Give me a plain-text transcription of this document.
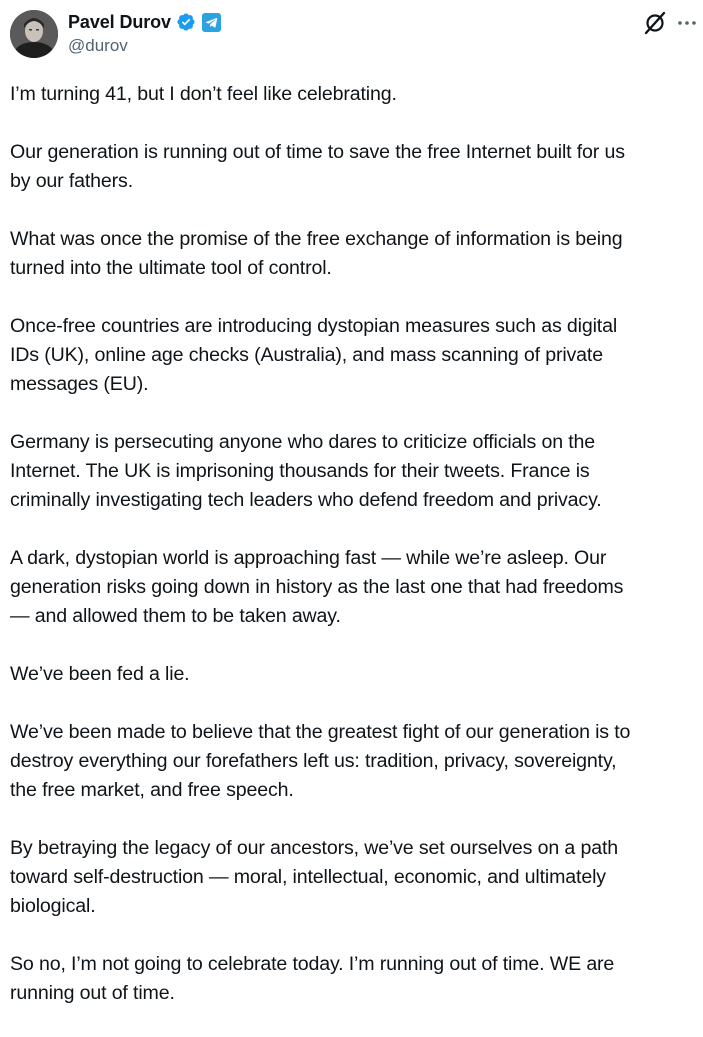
Pavel Durov
@durov

I’m turning 41, but I don’t feel like celebrating.

Our generation is running out of time to save the free Internet built for us
by our fathers.

What was once the promise of the free exchange of information is being
turned into the ultimate tool of control.

Once-free countries are introducing dystopian measures such as digital
IDs (UK), online age checks (Australia), and mass scanning of private
messages (EU).

Germany is persecuting anyone who dares to criticize officials on the
Internet. The UK is imprisoning thousands for their tweets. France is
criminally investigating tech leaders who defend freedom and privacy.

A dark, dystopian world is approaching fast — while we’re asleep. Our
generation risks going down in history as the last one that had freedoms
— and allowed them to be taken away.

We’ve been fed a lie.

We’ve been made to believe that the greatest fight of our generation is to
destroy everything our forefathers left us: tradition, privacy, sovereignty,
the free market, and free speech.

By betraying the legacy of our ancestors, we’ve set ourselves on a path
toward self-destruction — moral, intellectual, economic, and ultimately
biological.

So no, I’m not going to celebrate today. I’m running out of time. WE are
running out of time.
